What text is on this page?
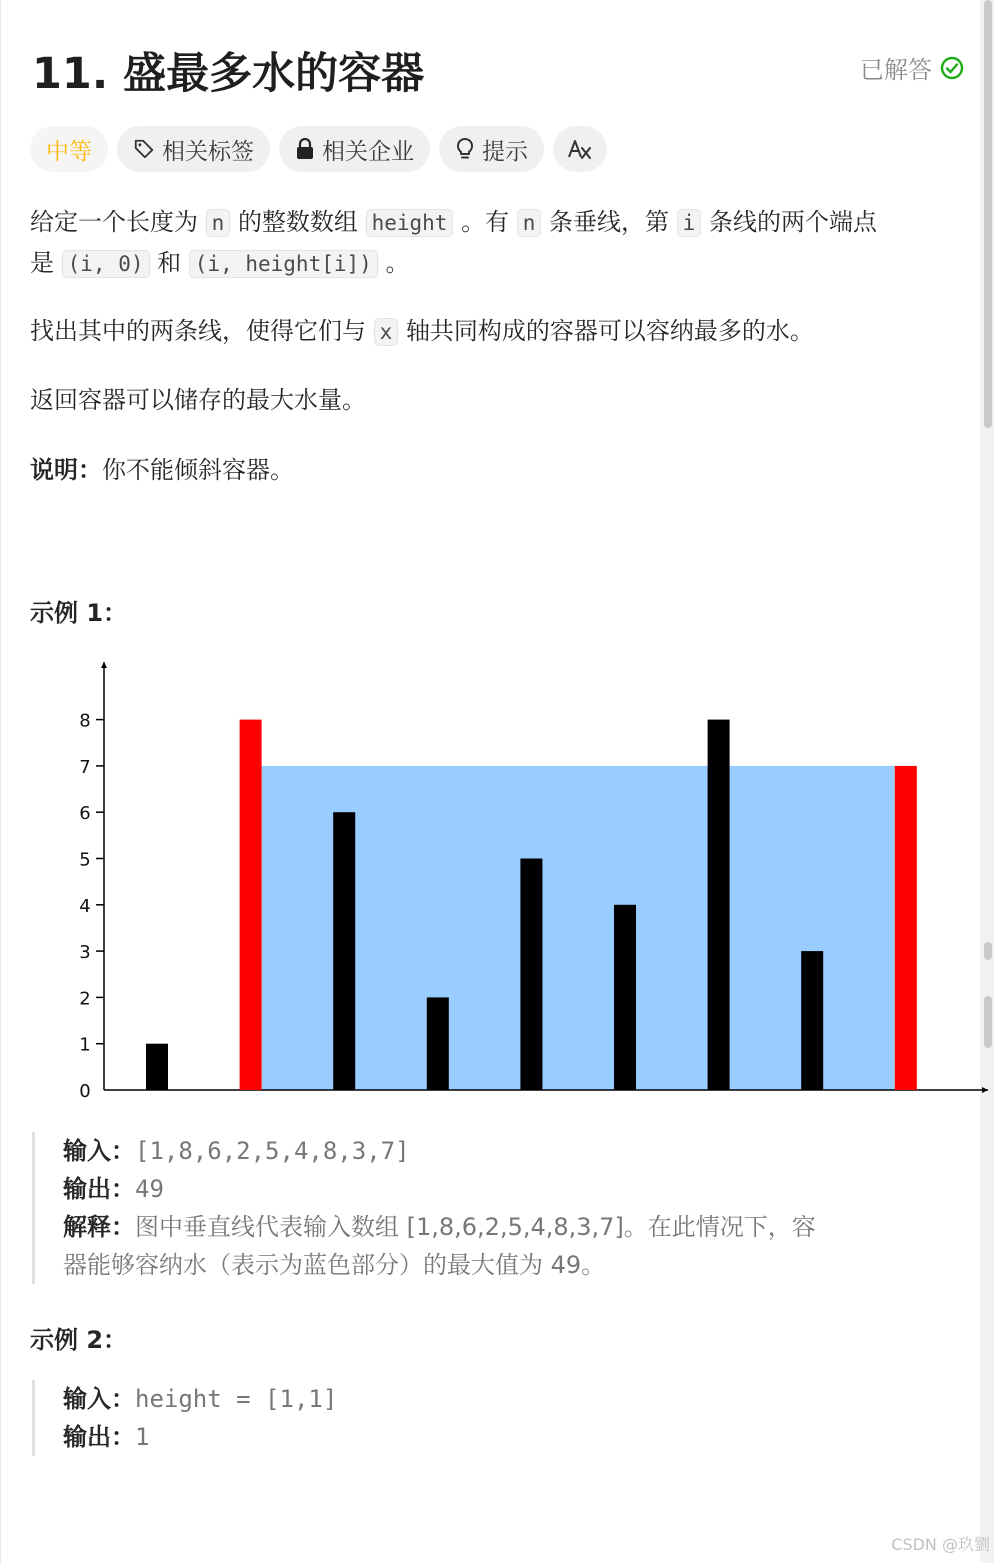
11. 盛最多水的容器	已解答
中等	相关标签	相关企业	提示
给定一个长度为 n 的整数数组 height 。有 n 条垂线，第 i 条线的两个端点
是 (i, 0) 和 (i, height[i]) 。
找出其中的两条线，使得它们与 x 轴共同构成的容器可以容纳最多的水。
返回容器可以储存的最大水量。
说明：你不能倾斜容器。
示例 1：
0
1
2
3
4
5
6
7
8
输入：[1,8,6,2,5,4,8,3,7]
输出：49
解释：图中垂直线代表输入数组 [1,8,6,2,5,4,8,3,7]。在此情况下，容
器能够容纳水（表示为蓝色部分）的最大值为 49。
示例 2：
输入：height = [1,1]
输出：1
CSDN @玖劉
